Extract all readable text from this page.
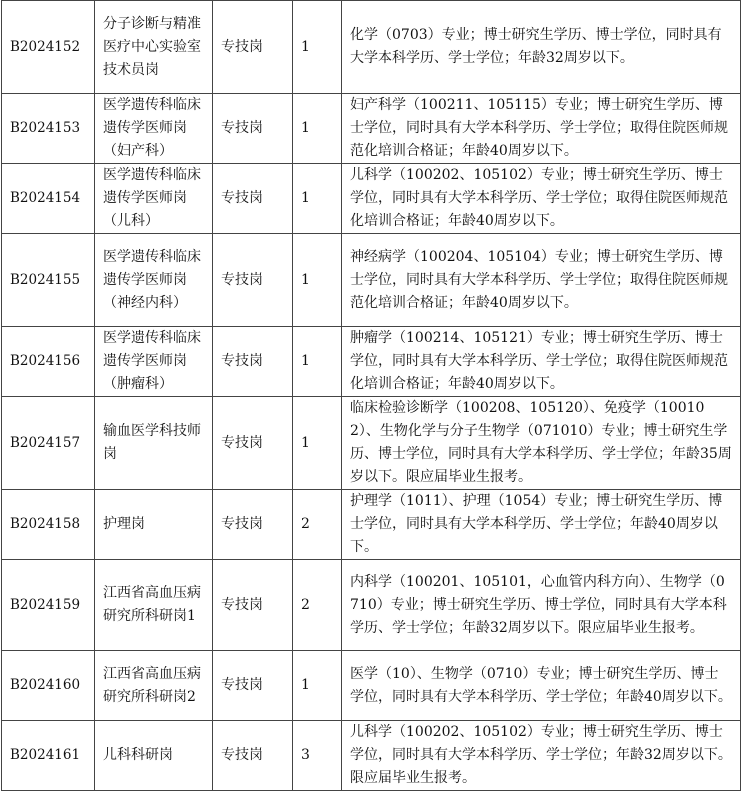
B2024152	分子诊断与精准医疗中心实验室技术员岗	专技岗	1	化学（0703）专业；博士研究生学历、博士学位，同时具有大学本科学历、学士学位；年龄32周岁以下。
B2024153	医学遗传科临床遗传学医师岗（妇产科）	专技岗	1	妇产科学（100211、105115）专业；博士研究生学历、博士学位，同时具有大学本科学历、学士学位；取得住院医师规范化培训合格证；年龄40周岁以下。
B2024154	医学遗传科临床遗传学医师岗（儿科）	专技岗	1	儿科学（100202、105102）专业；博士研究生学历、博士学位，同时具有大学本科学历、学士学位；取得住院医师规范化培训合格证；年龄40周岁以下。
B2024155	医学遗传科临床遗传学医师岗（神经内科）	专技岗	1	神经病学（100204、105104）专业；博士研究生学历、博士学位，同时具有大学本科学历、学士学位；取得住院医师规范化培训合格证；年龄40周岁以下。
B2024156	医学遗传科临床遗传学医师岗（肿瘤科）	专技岗	1	肿瘤学（100214、105121）专业；博士研究生学历、博士学位，同时具有大学本科学历、学士学位；取得住院医师规范化培训合格证；年龄40周岁以下。
B2024157	输血医学科技师岗	专技岗	1	临床检验诊断学（100208、105120）、免疫学（100102）、生物化学与分子生物学（071010）专业；博士研究生学历、博士学位，同时具有大学本科学历、学士学位；年龄35周岁以下。限应届毕业生报考。
B2024158	护理岗	专技岗	2	护理学（1011）、护理（1054）专业；博士研究生学历、博士学位，同时具有大学本科学历、学士学位；年龄40周岁以下。
B2024159	江西省高血压病研究所科研岗1	专技岗	2	内科学（100201、105101，心血管内科方向）、生物学（0710）专业；博士研究生学历、博士学位，同时具有大学本科学历、学士学位；年龄32周岁以下。限应届毕业生报考。
B2024160	江西省高血压病研究所科研岗2	专技岗	1	医学（10）、生物学（0710）专业；博士研究生学历、博士学位，同时具有大学本科学历、学士学位；年龄40周岁以下。
B2024161	儿科科研岗	专技岗	3	儿科学（100202、105102）专业；博士研究生学历、博士学位，同时具有大学本科学历、学士学位；年龄32周岁以下。限应届毕业生报考。
